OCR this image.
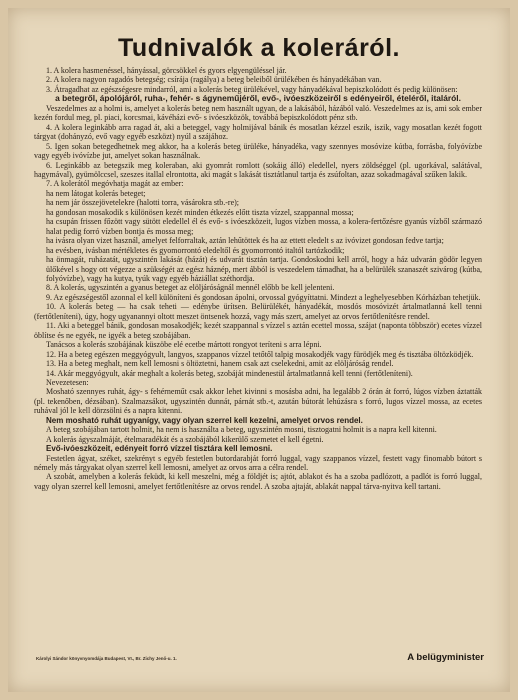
Tudnivalók a koleráról.

1. A kolera hasmenéssel, hányással, görcsökkel és gyors elgyengüléssel jár.

2. A kolera nagyon ragadós betegség; csírája (ragálya) a beteg beleiből ürülékében és hányadékában van.

3. Átragadhat az egészségesre mindarról, ami a kolerás beteg ürülékével, vagy hányadékával bepiszkolódott és pedig különösen:

a betegről, ápolójáról, ruha-, fehér- s ágyneműjéről, evő-, ivóeszközeiről s edényeiről, ételéről, italáról.

Veszedelmes az a holmi is, amelyet a kolerás beteg nem használt ugyan, de a lakásából, házából való. Veszedelmes az is, ami sok ember kezén fordul meg, pl. piaci, korcsmai, kávéházi evő- s ivóeszközök, továbbá bepiszkolódott pénz stb.

4. A kolera leginkább arra ragad át, aki a beteggel, vagy holmijával bánik és mosatlan kézzel eszik, iszik, vagy mosatlan kezét fogott tárgyat (dohányzó, evő vagy egyéb eszközt) nyúl a szájához.

5. Igen sokan betegedhetnek meg akkor, ha a kolerás beteg ürüléke, hányadéka, vagy szennyes mosóvize kútba, forrásba, folyóvízbe vagy egyéb ivóvízbe jut, amelyet sokan használnak.

6. Leginkább az betegszik meg koleraban, aki gyomrát romlott (sokáig álló) eledellel, nyers zöldséggel (pl. ugorkával, salátával, hagymával), gyümölccsel, szeszes itallal elrontotta, aki magát s lakását tisztátlanul tartja és zsúfoltan, azaz sokadmagával szűken lakik.

7. A kolerától megóvhatja magát az ember:

ha nem látogat kolerás beteget;

ha nem jár összejövetelekre (halotti torra, vásárokra stb.-re);

ha gondosan mosakodik s különösen kezét minden étkezés előtt tiszta vízzel, szappannal mossa;

ha csupán frissen főzött vagy sütött eledellel él és evő- s ivóeszközeit, lugos vízben mossa, a kolera-fertőzésre gyanús vízből származó halat pedig forró vízben bontja és mossa meg;

ha ivásra olyan vizet használ, amelyet felforraltak, aztán lehűtöttek és ha az ettett eledelt s az ivóvizet gondosan fedve tartja;

ha evésben, ivásban mértékletes és gyomorrontó eledeltől és gyomorrontó italtól tartózkodik;

ha önmagát, ruházatát, ugyszintén lakását (házát) és udvarát tisztán tartja. Gondoskodni kell arról, hogy a ház udvarán gödör legyen ülőkével s hogy ott végezze a szükségét az egész háznép, mert ábból is veszedelem támadhat, ha a belürülék szanaszét szivárog (kútba, folyóvízbe), vagy ha kutya, tyúk vagy egyéb háziállat széthordja.

8. A kolerás, ugyszintén a gyanus beteget az elöljáróságnál mennél előbb be kell jelenteni.

9. Az egészségestől azonnal el kell különíteni és gondosan ápolni, orvossal gyógyíttatni. Mindezt a leghelyesebben Kórházban tehetjük.

10. A kolerás beteg — ha csak teheti — edénybe ürítsen. Belürülékét, hányadékát, mosdós mosóvizét ártalmatlanná kell tenni (fertőtleníteni), úgy, hogy ugyanannyi oltott meszet öntsenek hozzá, vagy más szert, amelyet az orvos fertőtlenítésre rendel.

11. Aki a beteggel bánik, gondosan mosakodjék; kezét szappannal s vízzel s aztán ecettel mossa, szájat (naponta többször) ecetes vízzel öblítse és ne egyék, ne igyék a beteg szobájában.

Tanácsos a kolerás szobájának küszöbe elé ecetbe mártott rongyot teríteni s arra lépni.

12. Ha a beteg egészen meggyógyult, langyos, szappanos vízzel tetőtől talpig mosakodjék vagy fürödjék meg és tisztába öltözködjék.

13. Ha a beteg meghalt, nem kell lemosni s öltöztetni, hanem csak azt cselekedni, amit az elöljáróság rendel.

14. Akár meggyógyult, akár meghalt a kolerás beteg, szobáját mindenestül ártalmatlanná kell tenni (fertőtleníteni).

Nevezetesen:

Mosható szennyes ruhát, ágy- s fehérneműt csak akkor lehet kivinni s mosásba adni, ha legalább 2 órán át forró, lúgos vízben áztatták (pl. tekenőben, dézsában). Szalmazsákot, ugyszintén dunnát, párnát stb.-t, azután bútorát lehúzásra s forró, lugos vízzel mossa, az ecetes ruhával jól le kell dörzsölni és a napra kitenni.

Nem mosható ruhát ugyanígy, vagy olyan szerrel kell kezelni, amelyet orvos rendel.

A beteg szobájában tartott holmit, ha nem is használta a beteg, ugyszintén mosni, tisztogatni holmit is a napra kell kitenni.

A kolerás ágyszalmáját, ételmaradékát és a szobájából kikerülő szemetet el kell égetni.

Evő-ivóeszközeit, edényeit forró vízzel tisztára kell lemosni.

Festetlen ágyat, széket, szekrényt s egyéb festetlen butordarabját forró luggal, vagy szappanos vízzel, festett vagy finomabb bútort s némely más tárgyakat olyan szerrel kell lemosni, amelyet az orvos arra a célra rendel.

A szobát, amelyben a kolerás feküdt, ki kell meszelni, még a földjét is; ajtót, ablakot és ha a szoba padlózott, a padlót is forró luggal, vagy olyan szerrel kell lemosni, amelyet fertőtlenítésre az orvos rendel. A szoba ajtaját, ablakát nappal tárva-nyitva kell tartani.

Károlyi Sándor könyvnyomdája Budapest, VI., Br. Zichy Jenő-u. 1.	A belügyminister
